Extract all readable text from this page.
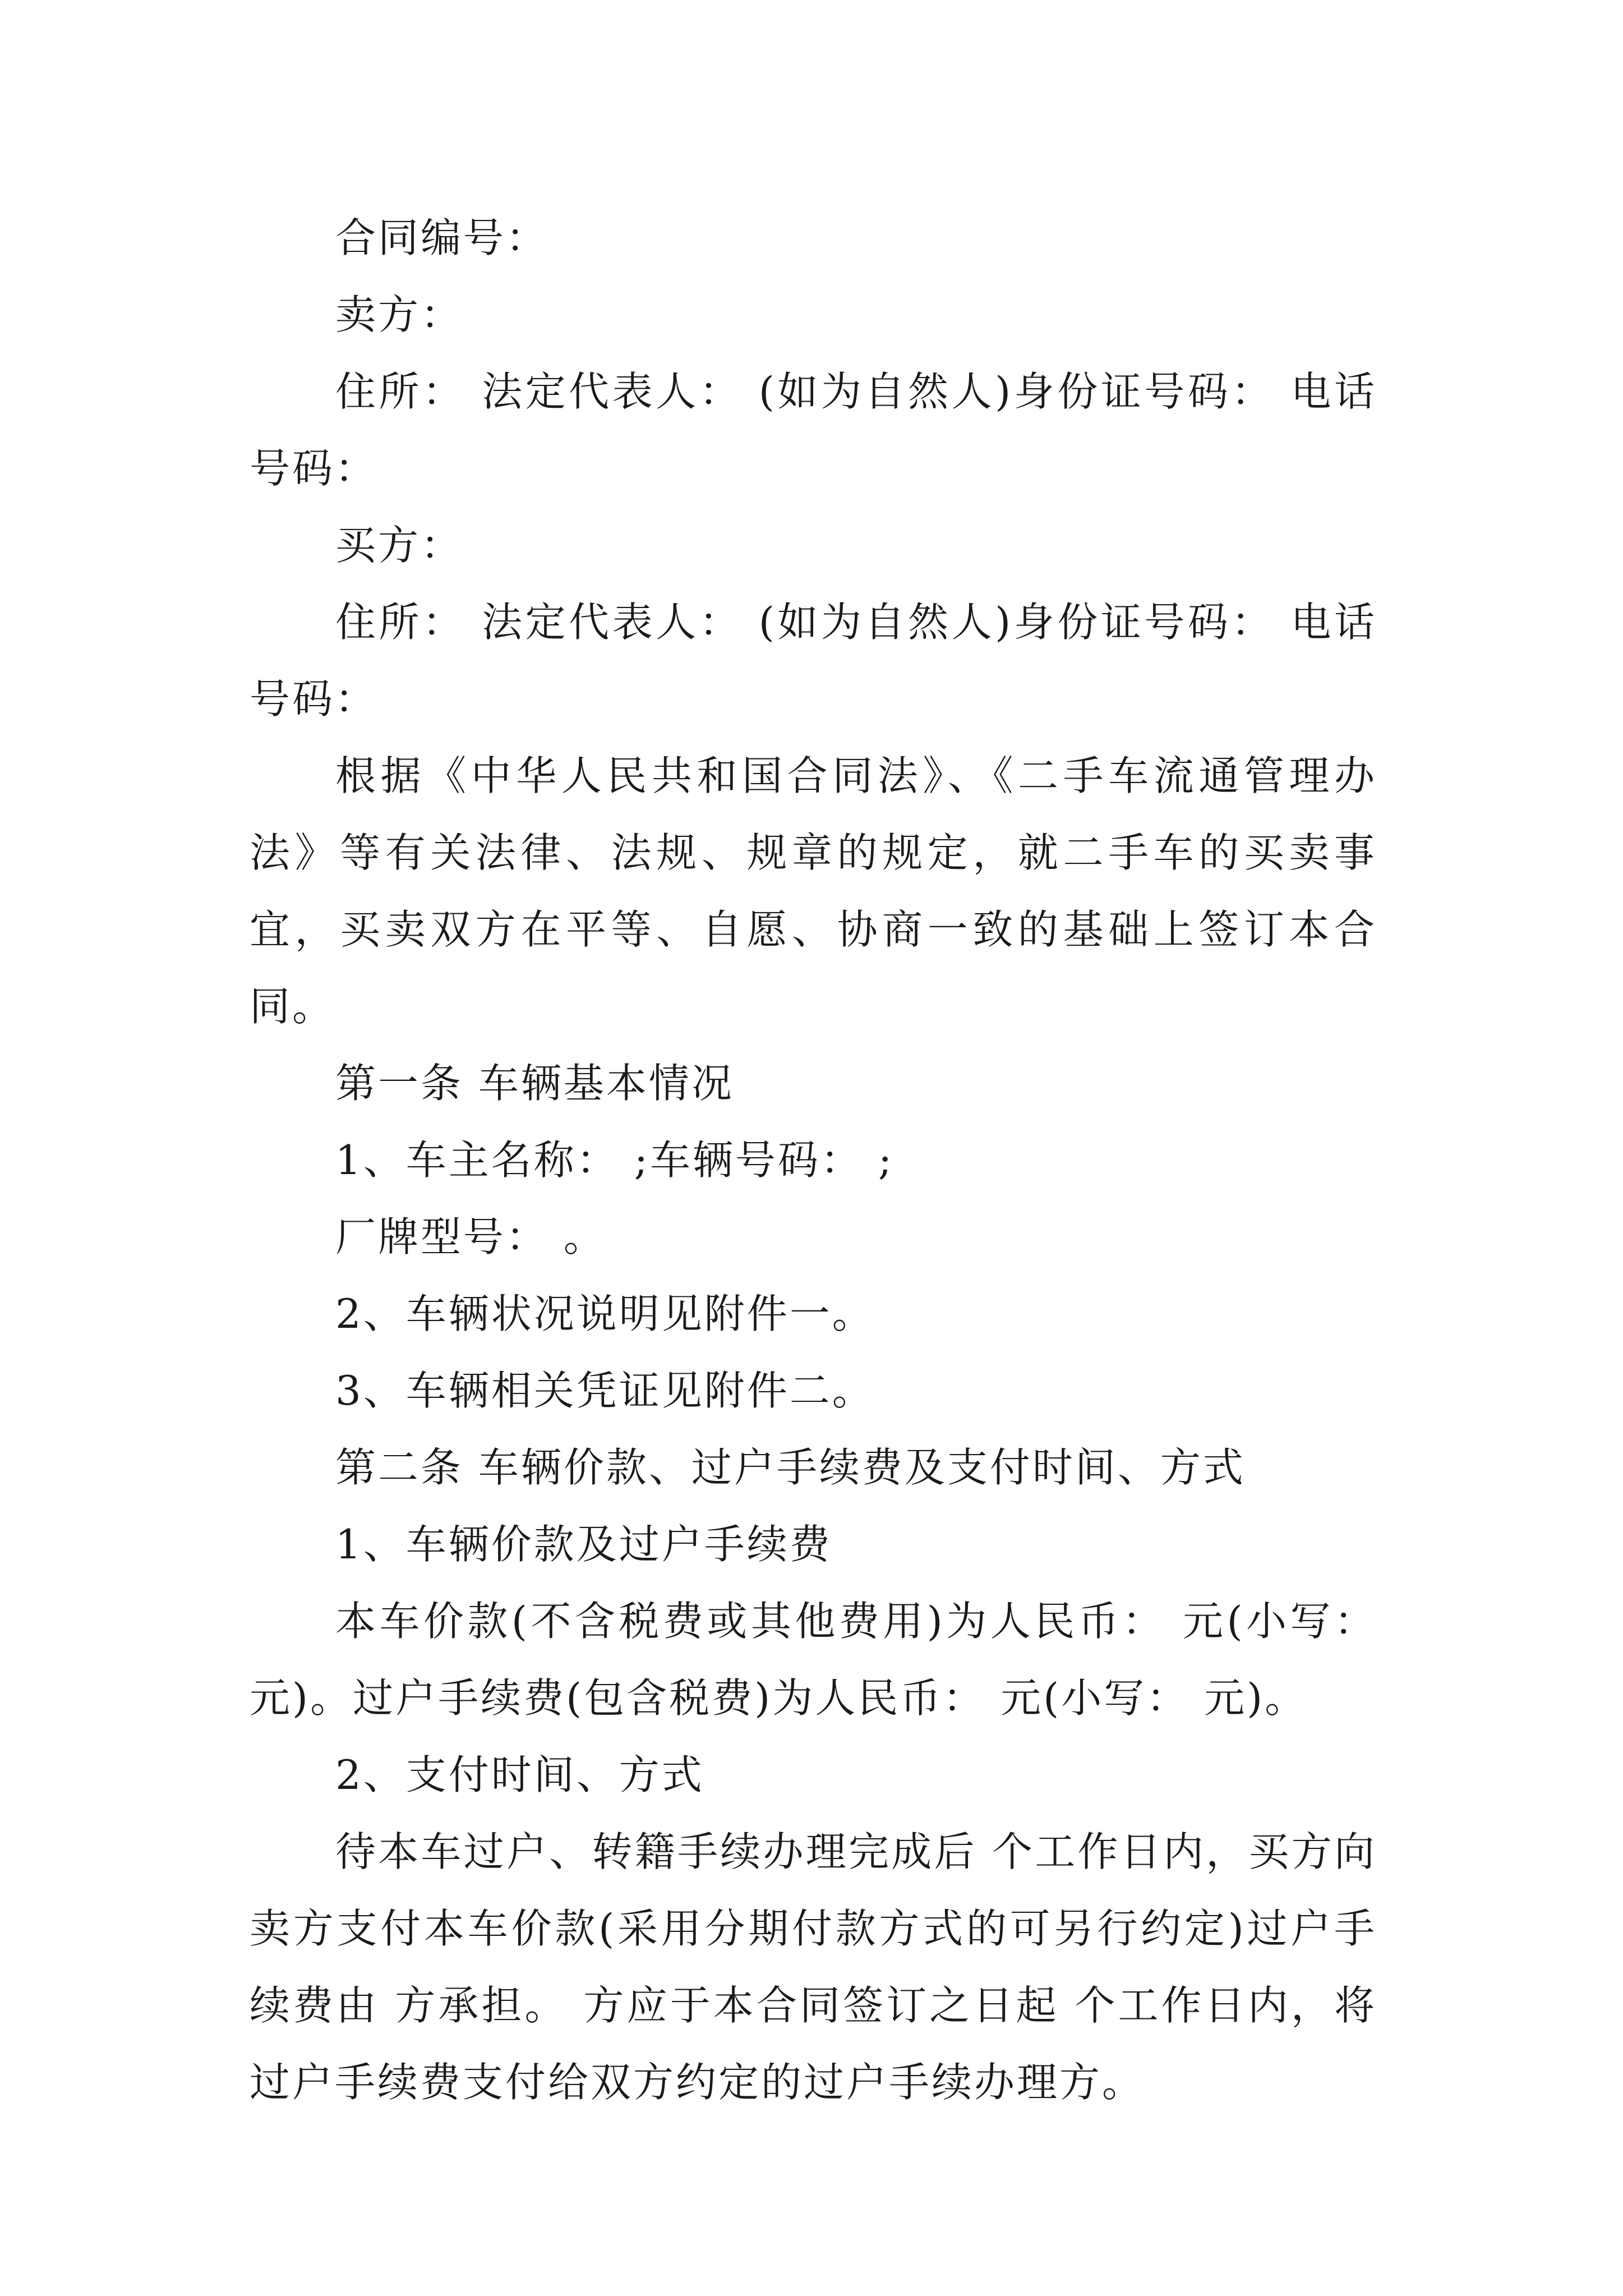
合同编号：

卖方：

住所： 法定代表人： (如为自然人)身份证号码： 电话号码：

买方：

住所： 法定代表人： (如为自然人)身份证号码： 电话号码：

根据《中华人民共和国合同法》、《二手车流通管理办法》等有关法律、法规、规章的规定，就二手车的买卖事宜，买卖双方在平等、自愿、协商一致的基础上签订本合同。

第一条 车辆基本情况

1、车主名称： ;车辆号码： ;

厂牌型号： 。

2、车辆状况说明见附件一。

3、车辆相关凭证见附件二。

第二条 车辆价款、过户手续费及支付时间、方式

1、车辆价款及过户手续费

本车价款(不含税费或其他费用)为人民币： 元(小写：元)。过户手续费(包含税费)为人民币： 元(小写： 元)。

2、支付时间、方式

待本车过户、转籍手续办理完成后 个工作日内，买方向卖方支付本车价款(采用分期付款方式的可另行约定)过户手续费由 方承担。 方应于本合同签订之日起 个工作日内，将过户手续费支付给双方约定的过户手续办理方。
